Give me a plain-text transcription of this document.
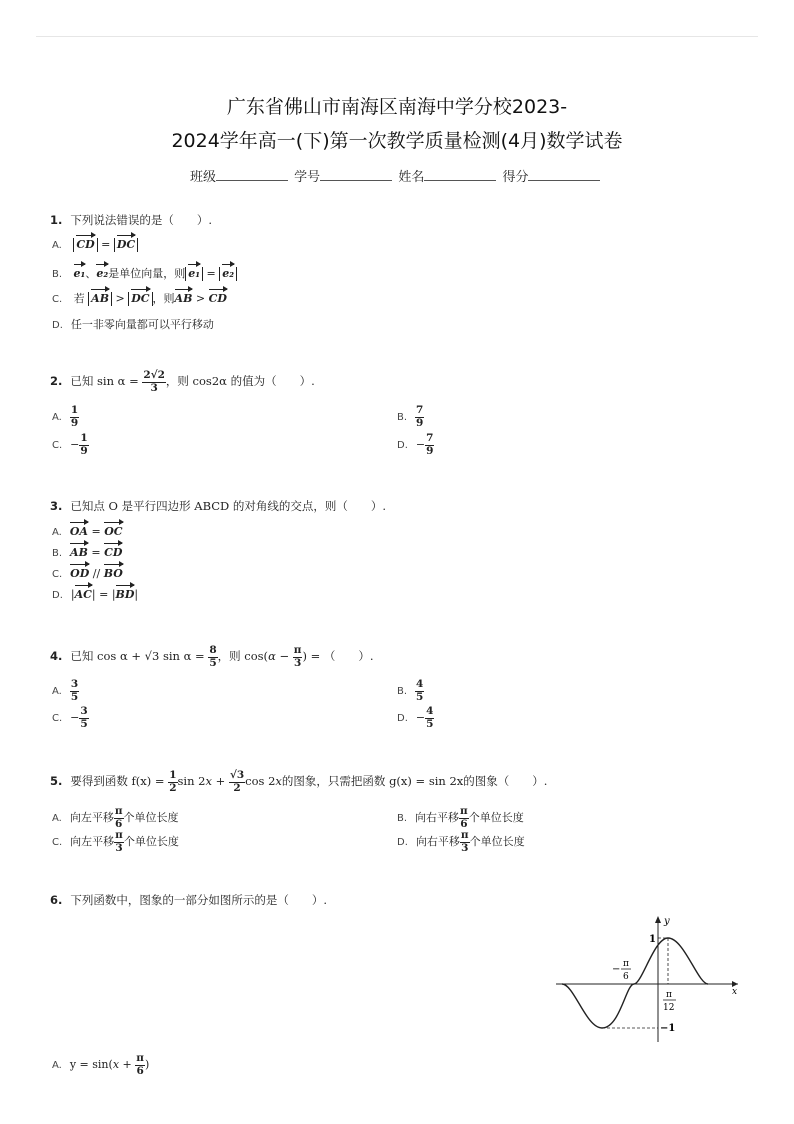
广东省佛山市南海区南海中学分校2023-
2024学年高一(下)第一次教学质量检测(4月)数学试卷
班级	学号	姓名	得分
1. 下列说法错误的是（　　）.
A. CD = DC
B. e₁、e₂是单位向量，则 e₁ = e₂
C. 若 AB > DC ，则AB > CD
D. 任一非零向量都可以平行移动
2. 已知 $\sin \alpha = \frac{2√2}{3}$ ，则 cos2α 的值为（　　）.
A. $\frac{1}{9}$	B. $\frac{7}{9}$
C. − $\frac{1}{9}$	D. − $\frac{7}{9}$
3. 已知点 O 是平行四边形 ABCD 的对角线的交点，则（　　）.
A. OA = OC
B. AB = CD
C. OD // BO
D. |AC| = |BD|
4. 已知 cos α + √3 $\sin \alpha = \frac{8}{5}$ ，则 $\cos(\alpha - \frac{\pi}{3}$ ) = （　　）.
A. $\frac{3}{5}$	B. $\frac{4}{5}$
C. − $\frac{3}{5}$	D. − $\frac{4}{5}$
5. 要得到函数 $f(x) = \frac{1}{2}$ $\sin 2x + \frac{√3}{2}$ cos 2x的图象，只需把函数 g(x) = sin 2x的图象（　　）.
A. 向左平移 $\frac{\pi}{6}$ 个单位长度	B. 向右平移 $\frac{\pi}{6}$ 个单位长度
C. 向左平移 $\frac{\pi}{3}$ 个单位长度	D. 向右平移 $\frac{\pi}{3}$ 个单位长度
6. 下列函数中，图象的一部分如图所示的是（　　）.
y
x
1
−1
− π
6
π
12
A. $y = \sin(x + \frac{\pi}{6}$ )
